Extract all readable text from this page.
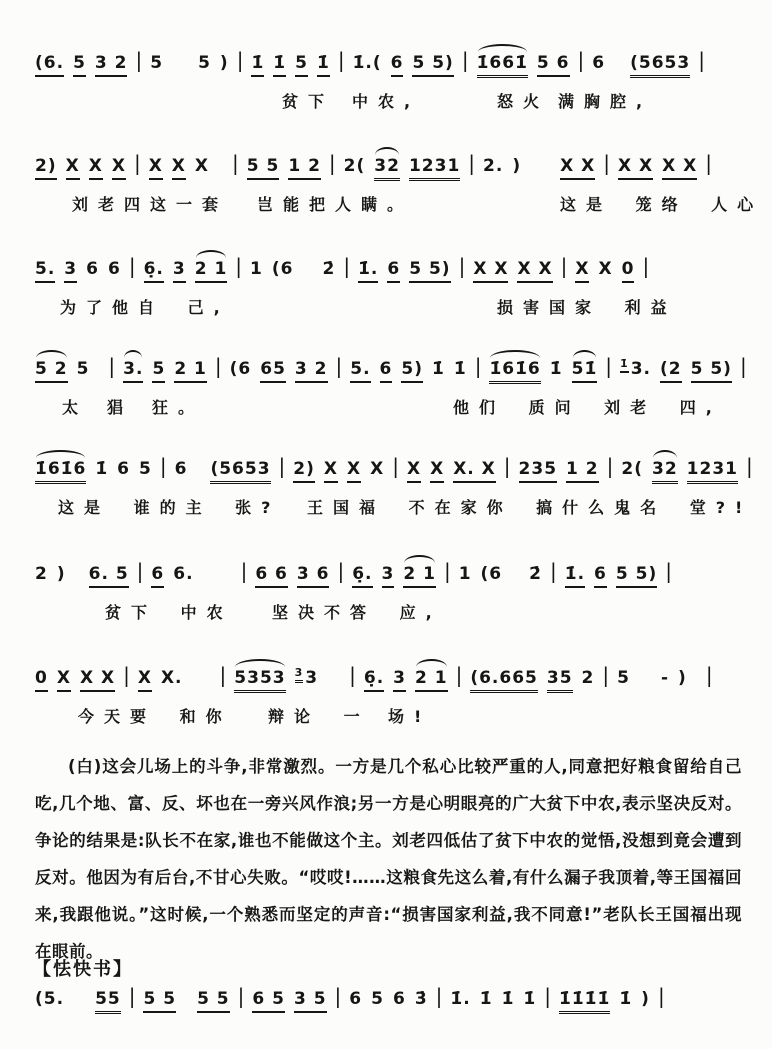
(6. 5 3 2 | 5 5 ) | 1̇ 1̇ 5 1̇ | 1̇.( 6 5 5) | 1̇661̇ 5 6 | 6 (5653 |
贫下 中农,	怒火 满胸腔,
2) X X X | X X X | 5 5 1 2 | 2( 32 1231 | 2. ) X X | X X X X |
刘老四这一套 岂能把人瞒。	这是 笼络 人心
5. 3 6 6 | 6̣. 3 2 1 | 1 (6 2̇ | 1̇. 6 5 5) | X X X X | X X 0 |
为了他自 己,	损害国家 利益
5 2 5 | 3. 5 2 1 | (6 65 3 2 | 5. 6 5) 1̇ 1̇ | 1̇61̇6 1̇ 51̇ | 1̇ 3. (2 5 5) |
太 猖 狂。	他们 质问 刘老 四,
1̇61̇6 1̇ 6 5 | 6 (5653 | 2) X X X | X X X. X | 235 1 2 | 2( 32 1231 |
这是 谁的主 张? 王国福 不在家你 搞什么鬼名 堂?!
2 ) 6. 5 | 6 6. | 6 6 3 6 | 6̣. 3 2 1 | 1 (6 2̇ | 1̇. 6 5 5) |
贫下 中农 坚决不答 应,
0 X X X | X X. | 5353 3 3 | 6̣. 3 2 1 | (6.665 35 2 | 5 - ) |
今天要 和你 辩论 一 场!

(白)这会儿场上的斗争,非常激烈。一方是几个私心比较严重的人,同意把好粮食留给自己吃,几个地、富、反、坏也在一旁兴风作浪;另一方是心明眼亮的广大贫下中农,表示坚决反对。争论的结果是:队长不在家,谁也不能做这个主。刘老四低估了贫下中农的觉悟,没想到竟会遭到反对。他因为有后台,不甘心失败。“哎哎!……这粮食先这么着,有什么漏子我顶着,等王国福回来,我跟他说。”这时候,一个熟悉而坚定的声音:“损害国家利益,我不同意!”老队长王国福出现在眼前。

【怯快书】
(5. 55 | 5 5 5 5 | 6 5 3 5 | 6 5 6 3̇ | 1̇. 1̇ 1̇ 1̇ | 1̇1̇1̇1̇ 1̇ ) |
